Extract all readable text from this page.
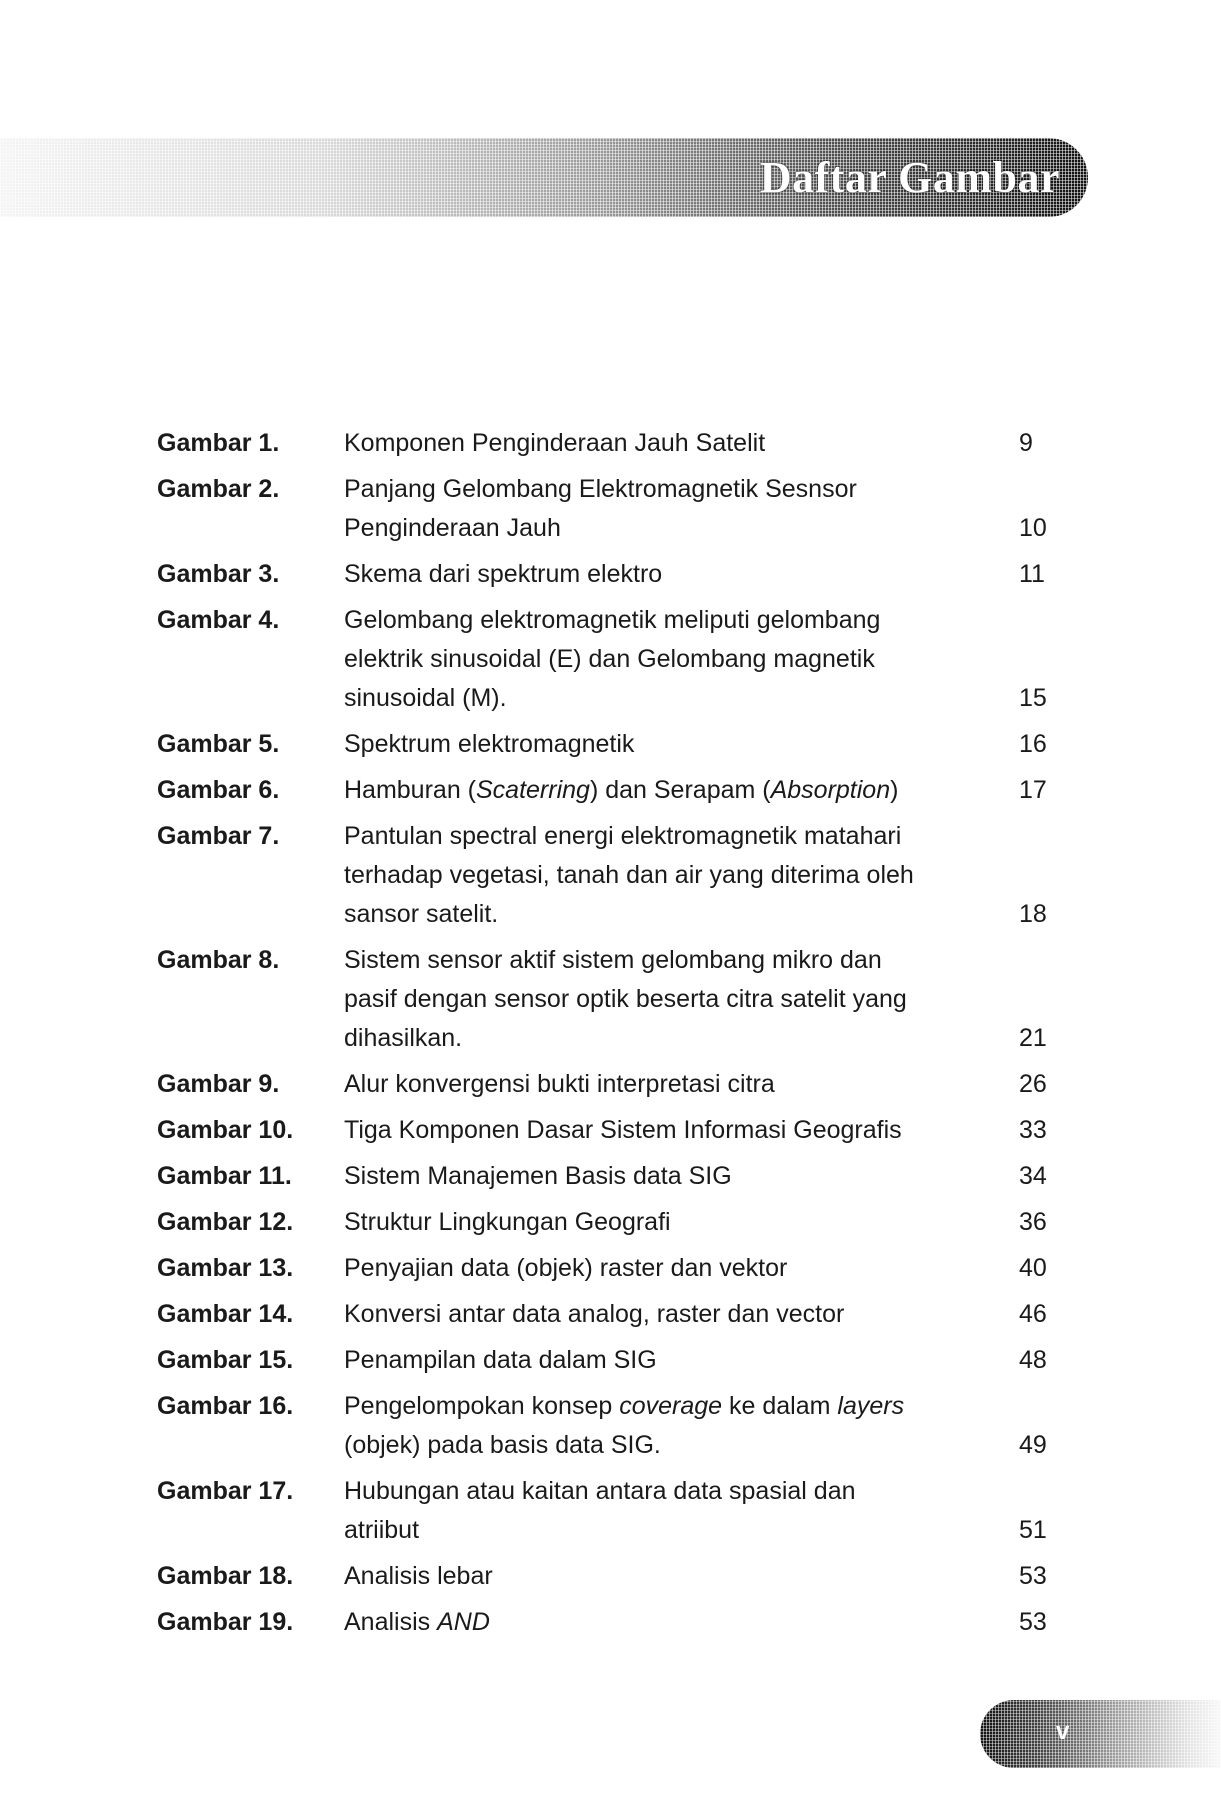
Daftar Gambar
Gambar 1.	Komponen Penginderaan Jauh Satelit	9
Gambar 2.	Panjang Gelombang Elektromagnetik Sesnsor
Penginderaan Jauh	10
Gambar 3.	Skema dari spektrum elektro	11
Gambar 4.	Gelombang elektromagnetik meliputi gelombang
elektrik sinusoidal (E) dan Gelombang magnetik
sinusoidal (M).	15
Gambar 5.	Spektrum elektromagnetik	16
Gambar 6.	Hamburan (Scaterring) dan Serapam (Absorption)	17
Gambar 7.	Pantulan spectral energi elektromagnetik matahari
terhadap vegetasi, tanah dan air yang diterima oleh
sansor satelit.	18
Gambar 8.	Sistem sensor aktif sistem gelombang mikro dan
pasif dengan sensor optik beserta citra satelit yang
dihasilkan.	21
Gambar 9.	Alur konvergensi bukti interpretasi citra	26
Gambar 10.	Tiga Komponen Dasar Sistem Informasi Geografis	33
Gambar 11.	Sistem Manajemen Basis data SIG	34
Gambar 12.	Struktur Lingkungan Geografi	36
Gambar 13.	Penyajian data (objek) raster dan vektor	40
Gambar 14.	Konversi antar data analog, raster dan vector	46
Gambar 15.	Penampilan data dalam SIG	48
Gambar 16.	Pengelompokan konsep coverage ke dalam layers
(objek) pada basis data SIG.	49
Gambar 17.	Hubungan atau kaitan antara data spasial dan
atriibut	51
Gambar 18.	Analisis lebar	53
Gambar 19.	Analisis AND	53
v
